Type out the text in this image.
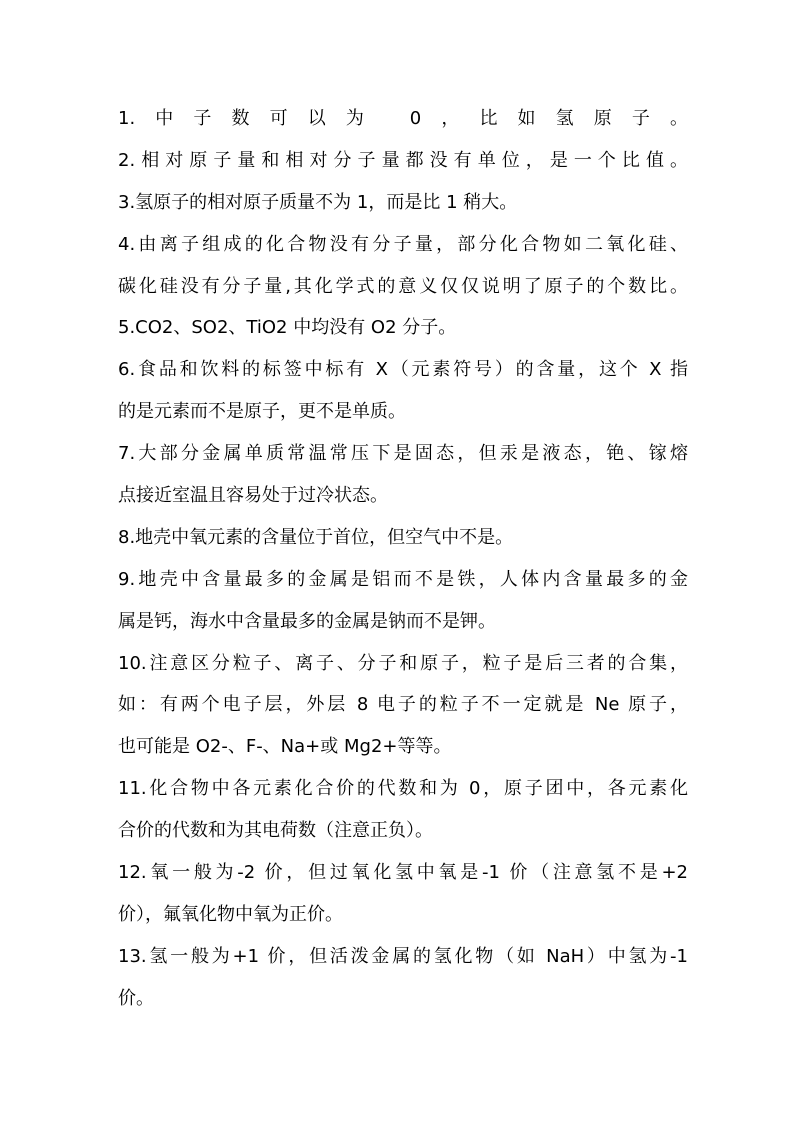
1.中子数可以为 0，比如氢原子。
2.相对原子量和相对分子量都没有单位，是一个比值。
3.氢原子的相对原子质量不为 1，而是比 1 稍大。
4.由离子组成的化合物没有分子量，部分化合物如二氧化硅、
碳化硅没有分子量,其化学式的意义仅仅说明了原子的个数比。
5.CO2、SO2、TiO2 中均没有 O2 分子。
6.食品和饮料的标签中标有 X（元素符号）的含量，这个 X 指
的是元素而不是原子，更不是单质。
7.大部分金属单质常温常压下是固态，但汞是液态，铯、镓熔
点接近室温且容易处于过冷状态。
8.地壳中氧元素的含量位于首位，但空气中不是。
9.地壳中含量最多的金属是铝而不是铁，人体内含量最多的金
属是钙，海水中含量最多的金属是钠而不是钾。
10.注意区分粒子、离子、分子和原子，粒子是后三者的合集，
如：有两个电子层，外层 8 电子的粒子不一定就是 Ne 原子，
也可能是 O2-、F-、Na+或 Mg2+等等。
11.化合物中各元素化合价的代数和为 0，原子团中，各元素化
合价的代数和为其电荷数（注意正负）。
12.氧一般为-2 价，但过氧化氢中氧是-1 价（注意氢不是+2
价），氟氧化物中氧为正价。
13.氢一般为+1 价，但活泼金属的氢化物（如 NaH）中氢为-1
价。
